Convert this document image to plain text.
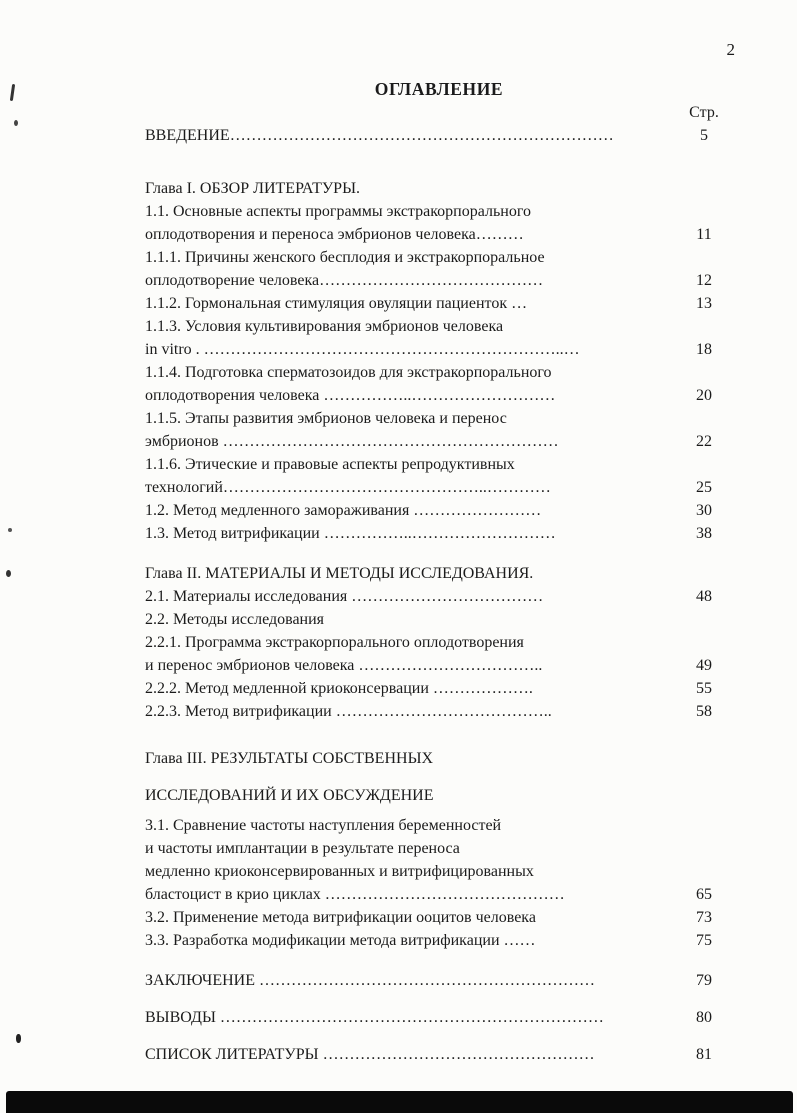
2
ОГЛАВЛЕНИЕ
Стр.
ВВЕДЕНИЕ………………………………………………………………	5
Глава I. ОБЗОР ЛИТЕРАТУРЫ.
1.1. Основные аспекты программы экстракорпорального
оплодотворения и переноса эмбрионов человека………	11
1.1.1. Причины женского бесплодия и экстракорпоральное
оплодотворение человека……………………………………	12
1.1.2. Гормональная стимуляция овуляции пациенток …	13
1.1.3. Условия культивирования эмбрионов человека
in vitro . …………………………………………………………..…	18
1.1.4. Подготовка сперматозоидов для экстракорпорального
оплодотворения человека ……………..………………………	20
1.1.5. Этапы развития эмбрионов человека и перенос
эмбрионов ………………………………………………………	22
1.1.6. Этические и правовые аспекты репродуктивных
технологий…………………………………………..…………	25
1.2. Метод медленного замораживания ……………………	30
1.3. Метод витрификации ……………..………………………	38
Глава II. МАТЕРИАЛЫ И МЕТОДЫ ИССЛЕДОВАНИЯ.
2.1. Материалы исследования ………………………………	48
2.2. Методы исследования
2.2.1. Программа экстракорпорального оплодотворения
и перенос эмбрионов человека ……………………………..	49
2.2.2. Метод медленной криоконсервации ……………….	55
2.2.3. Метод витрификации …………………………………..	58
Глава III. РЕЗУЛЬТАТЫ СОБСТВЕННЫХ
ИССЛЕДОВАНИЙ И ИХ ОБСУЖДЕНИЕ
3.1. Сравнение частоты наступления беременностей
и частоты имплантации в результате переноса
медленно криоконсервированных и витрифицированных
бластоцист в крио циклах ………………………………………	65
3.2. Применение метода витрификации ооцитов человека	73
3.3. Разработка модификации метода витрификации ……	75
ЗАКЛЮЧЕНИЕ ………………………………………………………	79
ВЫВОДЫ ………………………………………………………………	80
СПИСОК ЛИТЕРАТУРЫ ……………………………………………	81
